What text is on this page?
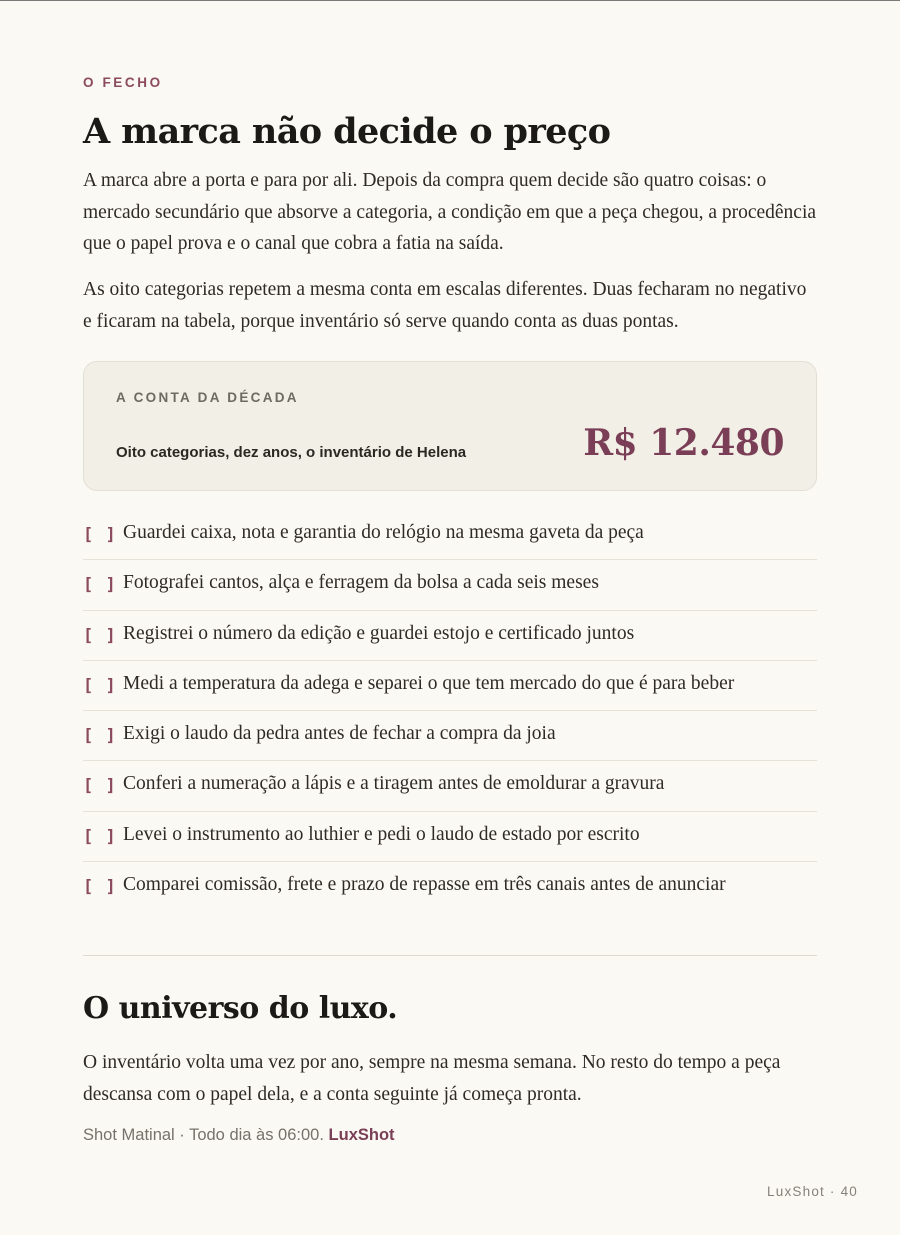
O FECHO
A marca não decide o preço

A marca abre a porta e para por ali. Depois da compra quem decide são quatro coisas: o mercado secundário que absorve a categoria, a condição em que a peça chegou, a procedência que o papel prova e o canal que cobra a fatia na saída.

As oito categorias repetem a mesma conta em escalas diferentes. Duas fecharam no negativo e ficaram na tabela, porque inventário só serve quando conta as duas pontas.

A CONTA DA DÉCADA
Oito categorias, dez anos, o inventário de Helena	R$ 12.480
[ ] Guardei caixa, nota e garantia do relógio na mesma gaveta da peça
[ ] Fotografei cantos, alça e ferragem da bolsa a cada seis meses
[ ] Registrei o número da edição e guardei estojo e certificado juntos
[ ] Medi a temperatura da adega e separei o que tem mercado do que é para beber
[ ] Exigi o laudo da pedra antes de fechar a compra da joia
[ ] Conferi a numeração a lápis e a tiragem antes de emoldurar a gravura
[ ] Levei o instrumento ao luthier e pedi o laudo de estado por escrito
[ ] Comparei comissão, frete e prazo de repasse em três canais antes de anunciar
O universo do luxo.

O inventário volta uma vez por ano, sempre na mesma semana. No resto do tempo a peça descansa com o papel dela, e a conta seguinte já começa pronta.

Shot Matinal · Todo dia às 06:00. LuxShot
LuxShot · 40
